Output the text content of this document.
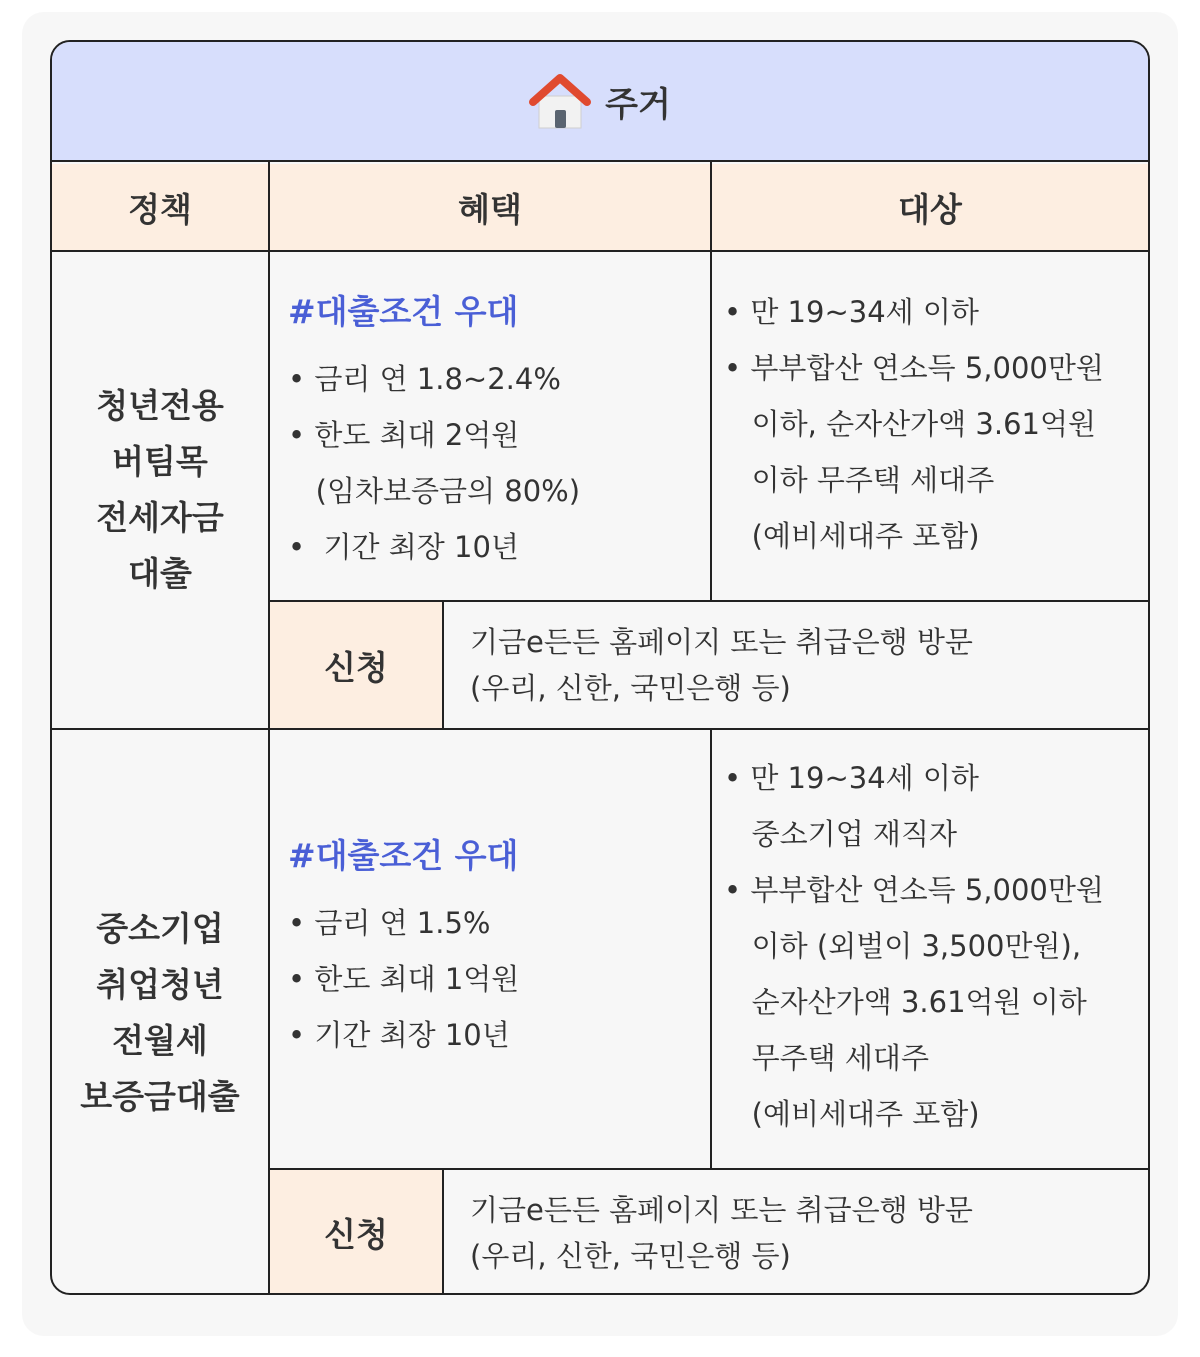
주거
정책	혜택	대상
청년전용
버팀목
전세자금
대출
#대출조건 우대
• 금리 연 1.8~2.4%
• 한도 최대 2억원
(임차보증금의 80%)
•  기간 최장 10년
• 만 19~34세 이하
• 부부합산 연소득 5,000만원
이하, 순자산가액 3.61억원
이하 무주택 세대주
(예비세대주 포함)
신청
기금e든든 홈페이지 또는 취급은행 방문
(우리, 신한, 국민은행 등)
중소기업
취업청년
전월세
보증금대출
#대출조건 우대
• 금리 연 1.5%
• 한도 최대 1억원
• 기간 최장 10년
• 만 19~34세 이하
중소기업 재직자
• 부부합산 연소득 5,000만원
이하 (외벌이 3,500만원),
순자산가액 3.61억원 이하
무주택 세대주
(예비세대주 포함)
신청
기금e든든 홈페이지 또는 취급은행 방문
(우리, 신한, 국민은행 등)
